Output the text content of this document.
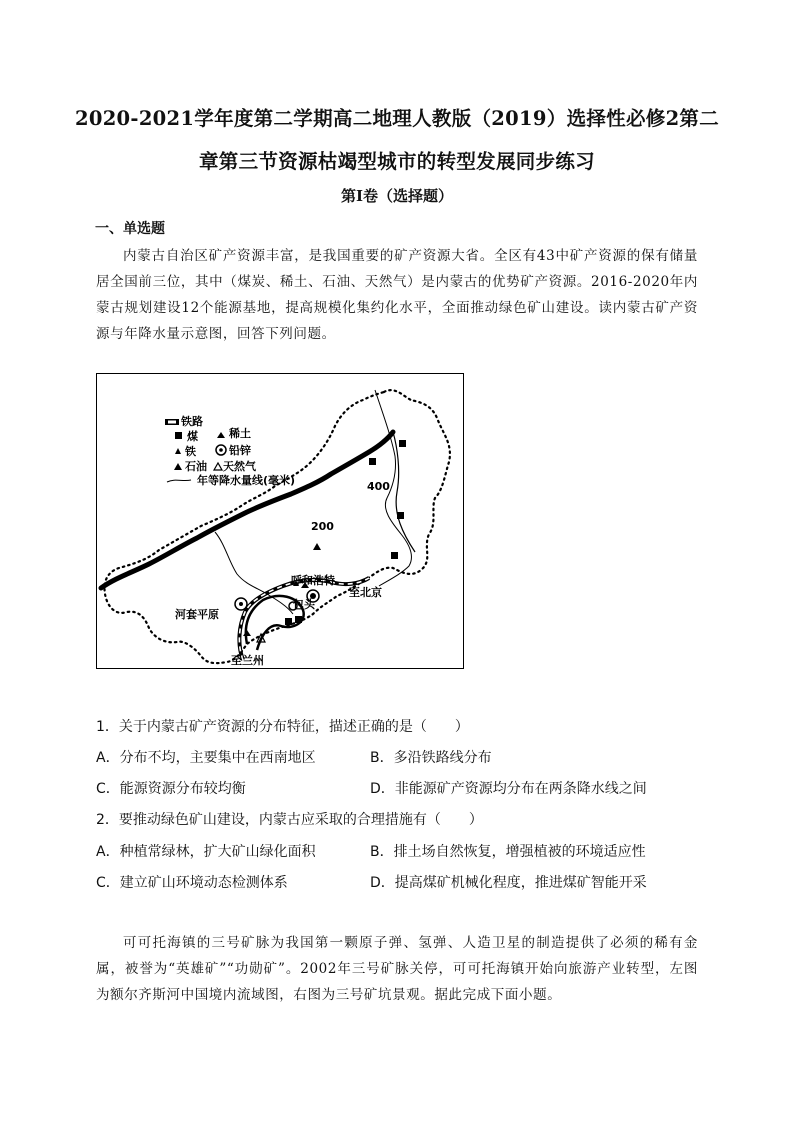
2020-2021学年度第二学期高二地理人教版（2019）选择性必修2第二
章第三节资源枯竭型城市的转型发展同步练习
第I卷（选择题）
一、单选题

内蒙古自治区矿产资源丰富，是我国重要的矿产资源大省。全区有43中矿产资源的保有储量居全国前三位，其中（煤炭、稀土、石油、天然气）是内蒙古的优势矿产资源。2016-2020年内蒙古规划建设12个能源基地，提高规模化集约化水平，全面推动绿色矿山建设。读内蒙古矿产资源与年降水量示意图，回答下列问题。

铁路
煤	稀土
铁	铅锌
石油 天然气
年等降水量线(毫米)	400
200
呼和浩特
包头
至北京
河套平原
至兰州
1．关于内蒙古矿产资源的分布特征，描述正确的是（　　）
A．分布不均，主要集中在西南地区	B．多沿铁路线分布
C．能源资源分布较均衡	D．非能源矿产资源均分布在两条降水线之间
2．要推动绿色矿山建设，内蒙古应采取的合理措施有（　　）
A．种植常绿林，扩大矿山绿化面积	B．排土场自然恢复，增强植被的环境适应性
C．建立矿山环境动态检测体系	D．提高煤矿机械化程度，推进煤矿智能开采

可可托海镇的三号矿脉为我国第一颗原子弹、氢弹、人造卫星的制造提供了必须的稀有金属，被誉为“英雄矿”“功勋矿”。2002年三号矿脉关停，可可托海镇开始向旅游产业转型，左图为额尔齐斯河中国境内流域图，右图为三号矿坑景观。据此完成下面小题。
